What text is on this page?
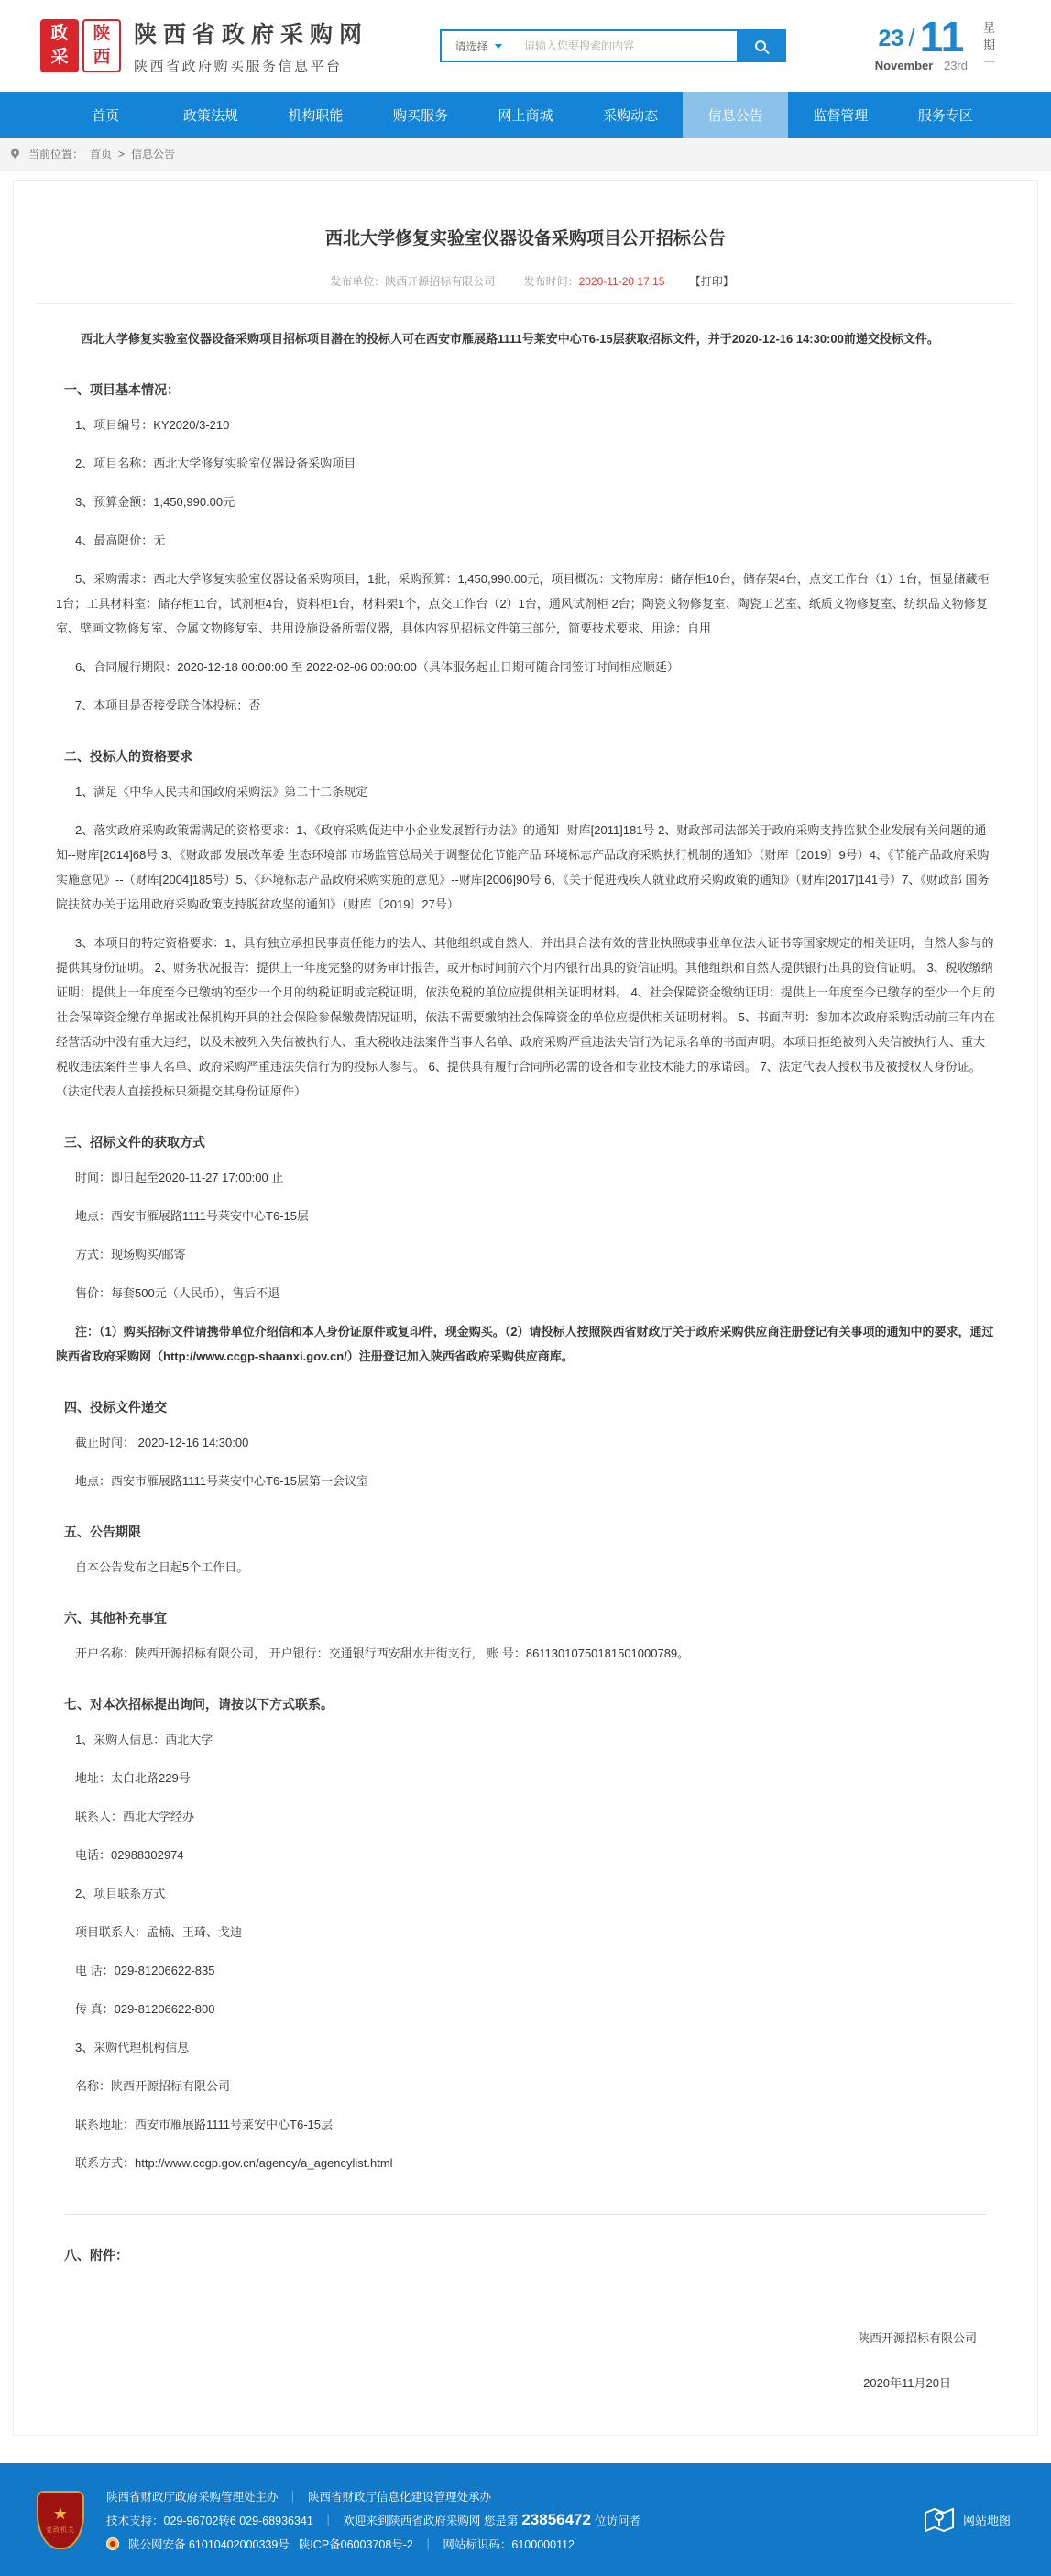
政
采
陕
西
陕西省政府采购网
陕西省政府购买服务信息平台
请选择
请输入您要搜索的内容	23 / 11
November 23rd 星期一
首页	政策法规	机构职能	购买服务	网上商城	采购动态	信息公告	监督管理	服务专区
当前位置： 首页 > 信息公告
西北大学修复实验室仪器设备采购项目公开招标公告
发布单位：陕西开源招标有限公司	发布时间：2020-11-20 17:15 【打印】

西北大学修复实验室仪器设备采购项目招标项目潜在的投标人可在西安市雁展路1111号莱安中心T6-15层获取招标文件，并于2020-12-16 14:30:00前递交投标文件。

一、项目基本情况：

1、项目编号：KY2020/3-210

2、项目名称：西北大学修复实验室仪器设备采购项目

3、预算金额：1,450,990.00元

4、最高限价：无

5、采购需求：西北大学修复实验室仪器设备采购项目，1批，采购预算：1,450,990.00元，项目概况：文物库房：储存柜10台，储存架4台，点交工作台（1）1台，恒显储藏柜1台；工具材料室：储存柜11台，试剂柜4台，资料柜1台，材料架1个，点交工作台（2）1台，通风试剂柜 2台；陶瓷文物修复室、陶瓷工艺室、纸质文物修复室、纺织品文物修复室、壁画文物修复室、金属文物修复室、共用设施设备所需仪器，具体内容见招标文件第三部分，简要技术要求、用途：自用

6、合同履行期限：2020-12-18 00:00:00 至 2022-02-06 00:00:00（具体服务起止日期可随合同签订时间相应顺延）

7、本项目是否接受联合体投标：否

二、投标人的资格要求

1、满足《中华人民共和国政府采购法》第二十二条规定

2、落实政府采购政策需满足的资格要求：1、《政府采购促进中小企业发展暂行办法》的通知--财库[2011]181号 2、财政部司法部关于政府采购支持监狱企业发展有关问题的通知--财库[2014]68号 3、《财政部 发展改革委 生态环境部 市场监管总局关于调整优化节能产品 环境标志产品政府采购执行机制的通知》（财库〔2019〕9号）4、《节能产品政府采购实施意见》--（财库[2004]185号）5、《环境标志产品政府采购实施的意见》--财库[2006]90号 6、《关于促进残疾人就业政府采购政策的通知》（财库[2017]141号）7、《财政部 国务院扶贫办关于运用政府采购政策支持脱贫攻坚的通知》（财库〔2019〕27号）

3、本项目的特定资格要求：1、具有独立承担民事责任能力的法人、其他组织或自然人，并出具合法有效的营业执照或事业单位法人证书等国家规定的相关证明，自然人参与的提供其身份证明。 2、财务状况报告：提供上一年度完整的财务审计报告，或开标时间前六个月内银行出具的资信证明。其他组织和自然人提供银行出具的资信证明。 3、税收缴纳证明：提供上一年度至今已缴纳的至少一个月的纳税证明或完税证明，依法免税的单位应提供相关证明材料。 4、社会保障资金缴纳证明：提供上一年度至今已缴存的至少一个月的社会保障资金缴存单据或社保机构开具的社会保险参保缴费情况证明，依法不需要缴纳社会保障资金的单位应提供相关证明材料。 5、书面声明：参加本次政府采购活动前三年内在经营活动中没有重大违纪，以及未被列入失信被执行人、重大税收违法案件当事人名单、政府采购严重违法失信行为记录名单的书面声明。本项目拒绝被列入失信被执行人、重大税收违法案件当事人名单、政府采购严重违法失信行为的投标人参与。 6、提供具有履行合同所必需的设备和专业技术能力的承诺函。 7、法定代表人授权书及被授权人身份证。（法定代表人直接投标只须提交其身份证原件）

三、招标文件的获取方式

时间：即日起至2020-11-27 17:00:00 止

地点：西安市雁展路1111号莱安中心T6-15层

方式：现场购买/邮寄

售价：每套500元（人民币），售后不退

注：（1）购买招标文件请携带单位介绍信和本人身份证原件或复印件，现金购买。（2）请投标人按照陕西省财政厅关于政府采购供应商注册登记有关事项的通知中的要求，通过陕西省政府采购网（http://www.ccgp-shaanxi.gov.cn/）注册登记加入陕西省政府采购供应商库。

四、投标文件递交

截止时间： 2020-12-16 14:30:00

地点：西安市雁展路1111号莱安中心T6-15层第一会议室

五、公告期限

自本公告发布之日起5个工作日。

六、其他补充事宜

开户名称：陕西开源招标有限公司， 开户银行：交通银行西安甜水井街支行， 账 号：86113010750181501000789。

七、对本次招标提出询问，请按以下方式联系。

1、采购人信息：西北大学

地址：太白北路229号

联系人：西北大学经办

电话：02988302974

2、项目联系方式

项目联系人：孟楠、王琦、戈迪

电 话：029-81206622-835

传 真：029-81206622-800

3、采购代理机构信息

名称：陕西开源招标有限公司

联系地址：西安市雁展路1111号莱安中心T6-15层

联系方式：http://www.ccgp.gov.cn/agency/a_agencylist.html

八、附件：
陕西开源招标有限公司
2020年11月20日
★
党政机关
陕西省财政厅政府采购管理处主办 ｜ 陕西省财政厅信息化建设管理处承办
技术支持：029-96702转6 029-68936341 ｜ 欢迎来到陕西省政府采购网 您是第 23856472 位访问者
陕公网安备 61010402000339号 陕ICP备06003708号-2 ｜ 网站标识码：6100000112
网站地图
